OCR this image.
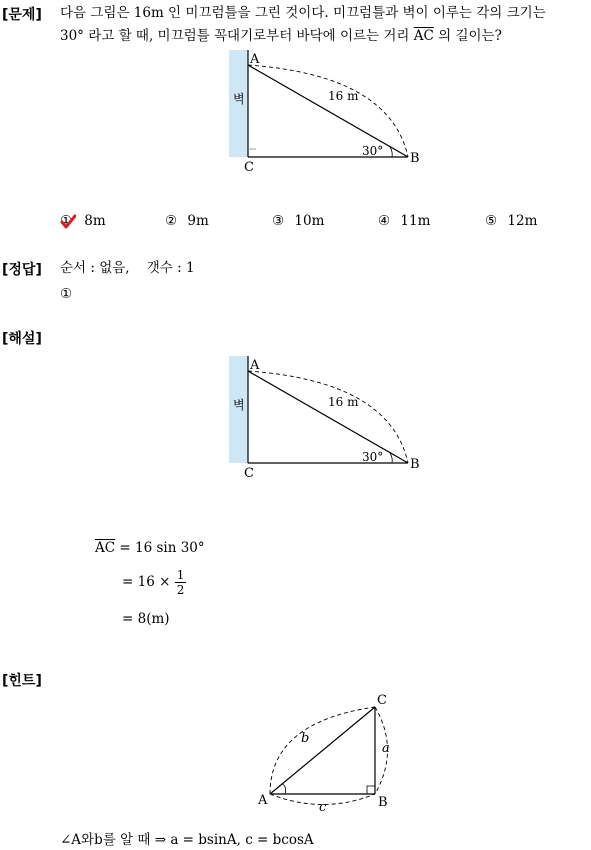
[문제] 다음 그림은 16m 인 미끄럼틀을 그린 것이다. 미끄럼틀과 벽이 이루는 각의 크기는
30° 라고 할 때, 미끄럼틀 꼭대기로부터 바닥에 이르는 거리 $\overline{AC}$ 의 길이는?
벽
A
B
C
16 m
30°
① 8m	② 9m	③ 10m	④ 11m	⑤ 12m
[정답] 순서 : 없음,    갯수 : 1
①
[해설]
벽
A
B
C
16 m
30°
$\overline{AC} = 16$ sin 30°
= $16 \times \frac{1}{2}$
= 8(m)
[힌트]
A	B
C
a
b
c
∠A와b를 알 때 ⇒ a = bsinA, c = bcosA
